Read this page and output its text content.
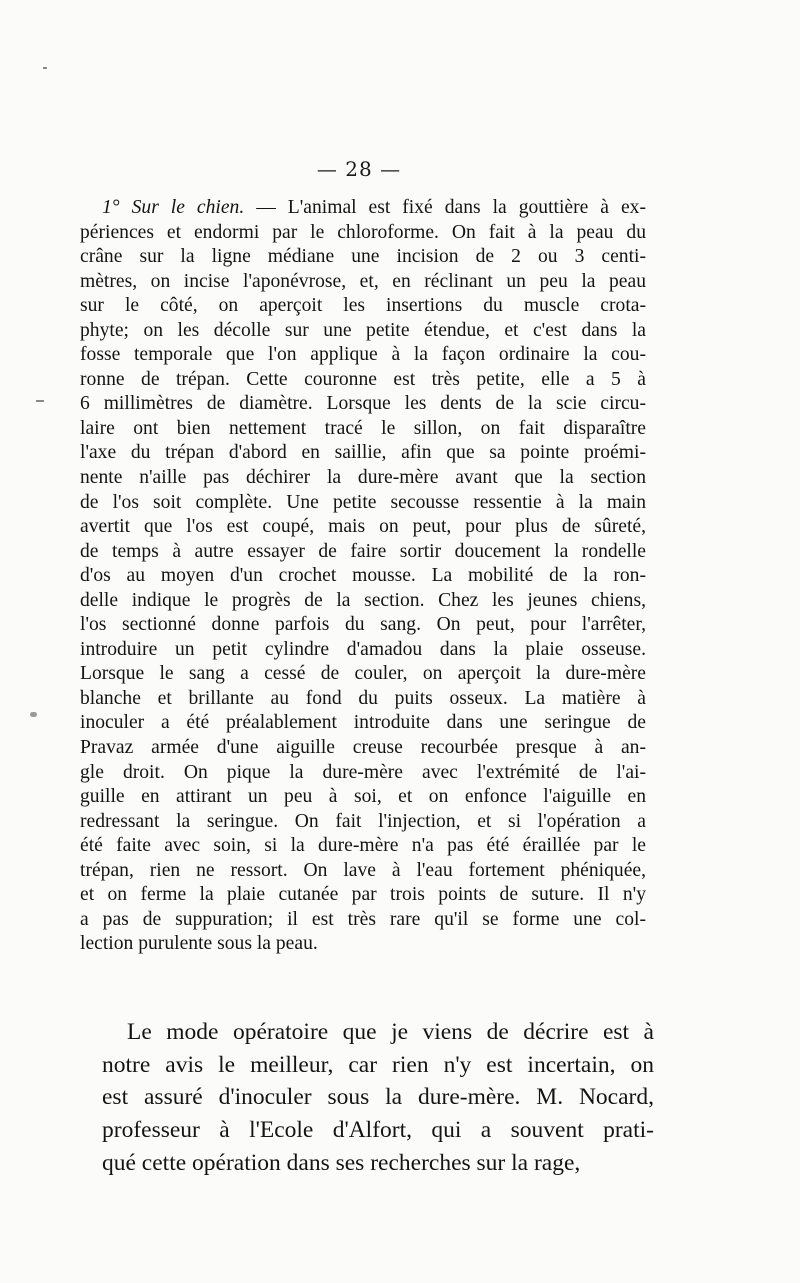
— 28 —
1° Sur le chien. — L'animal est fixé dans la gouttière à ex-
périences et endormi par le chloroforme. On fait à la peau du
crâne sur la ligne médiane une incision de 2 ou 3 centi-
mètres, on incise l'aponévrose, et, en réclinant un peu la peau
sur le côté, on aperçoit les insertions du muscle crota-
phyte; on les décolle sur une petite étendue, et c'est dans la
fosse temporale que l'on applique à la façon ordinaire la cou-
ronne de trépan. Cette couronne est très petite, elle a 5 à
6 millimètres de diamètre. Lorsque les dents de la scie circu-
laire ont bien nettement tracé le sillon, on fait disparaître
l'axe du trépan d'abord en saillie, afin que sa pointe proémi-
nente n'aille pas déchirer la dure-mère avant que la section
de l'os soit complète. Une petite secousse ressentie à la main
avertit que l'os est coupé, mais on peut, pour plus de sûreté,
de temps à autre essayer de faire sortir doucement la rondelle
d'os au moyen d'un crochet mousse. La mobilité de la ron-
delle indique le progrès de la section. Chez les jeunes chiens,
l'os sectionné donne parfois du sang. On peut, pour l'arrêter,
introduire un petit cylindre d'amadou dans la plaie osseuse.
Lorsque le sang a cessé de couler, on aperçoit la dure-mère
blanche et brillante au fond du puits osseux. La matière à
inoculer a été préalablement introduite dans une seringue de
Pravaz armée d'une aiguille creuse recourbée presque à an-
gle droit. On pique la dure-mère avec l'extrémité de l'ai-
guille en attirant un peu à soi, et on enfonce l'aiguille en
redressant la seringue. On fait l'injection, et si l'opération a
été faite avec soin, si la dure-mère n'a pas été éraillée par le
trépan, rien ne ressort. On lave à l'eau fortement phéniquée,
et on ferme la plaie cutanée par trois points de suture. Il n'y
a pas de suppuration; il est très rare qu'il se forme une col-
lection purulente sous la peau.
Le mode opératoire que je viens de décrire est à
notre avis le meilleur, car rien n'y est incertain, on
est assuré d'inoculer sous la dure-mère. M. Nocard,
professeur à l'Ecole d'Alfort, qui a souvent prati-
qué cette opération dans ses recherches sur la rage,
